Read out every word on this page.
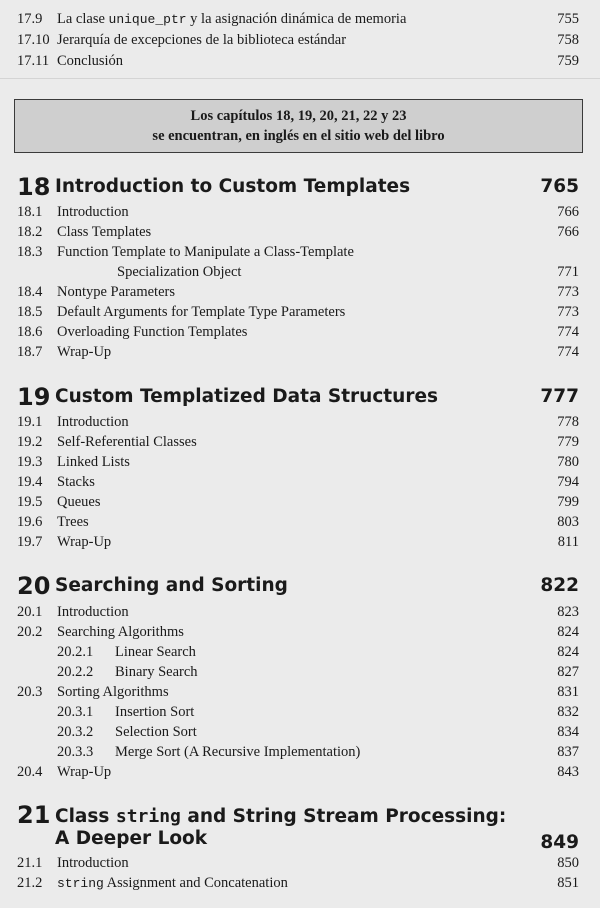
17.9 La clase unique_ptr y la asignación dinámica de memoria	755
17.10 Jerarquía de excepciones de la biblioteca estándar	758
17.11 Conclusión	759
Los capítulos 18, 19, 20, 21, 22 y 23
se encuentran, en inglés en el sitio web del libro
18 Introduction to Custom Templates	765
18.1 Introduction	766
18.2 Class Templates	766
18.3 Function Template to Manipulate a Class-Template
Specialization Object	771
18.4 Nontype Parameters	773
18.5 Default Arguments for Template Type Parameters	773
18.6 Overloading Function Templates	774
18.7 Wrap-Up	774
19 Custom Templatized Data Structures	777
19.1 Introduction	778
19.2 Self-Referential Classes	779
19.3 Linked Lists	780
19.4 Stacks	794
19.5 Queues	799
19.6 Trees	803
19.7 Wrap-Up	811
20 Searching and Sorting	822
20.1 Introduction	823
20.2 Searching Algorithms	824
20.2.1 Linear Search	824
20.2.2 Binary Search	827
20.3 Sorting Algorithms	831
20.3.1 Insertion Sort	832
20.3.2 Selection Sort	834
20.3.3 Merge Sort (A Recursive Implementation)	837
20.4 Wrap-Up	843
21 Class string and String Stream Processing:
A Deeper Look	849
21.1 Introduction	850
21.2 string Assignment and Concatenation	851
